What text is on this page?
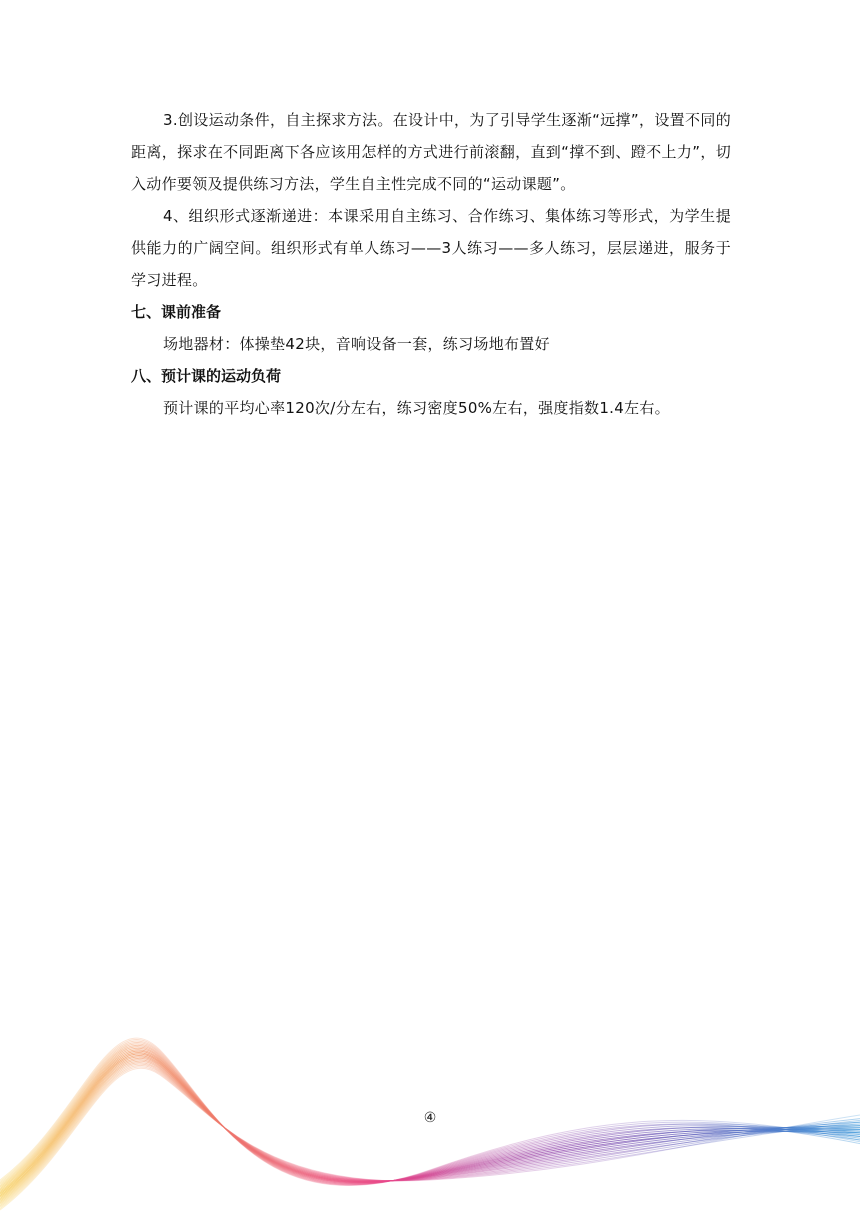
3.创设运动条件，自主探求方法。在设计中，为了引导学生逐渐“远撑”，设置不同的距离，探求在不同距离下各应该用怎样的方式进行前滚翻，直到“撑不到、蹬不上力”，切入动作要领及提供练习方法，学生自主性完成不同的“运动课题”。

4、组织形式逐渐递进：本课采用自主练习、合作练习、集体练习等形式，为学生提供能力的广阔空间。组织形式有单人练习——3人练习——多人练习，层层递进，服务于学习进程。

七、课前准备

场地器材：体操垫42块，音响设备一套，练习场地布置好

八、预计课的运动负荷

预计课的平均心率120次/分左右，练习密度50%左右，强度指数1.4左右。

④
